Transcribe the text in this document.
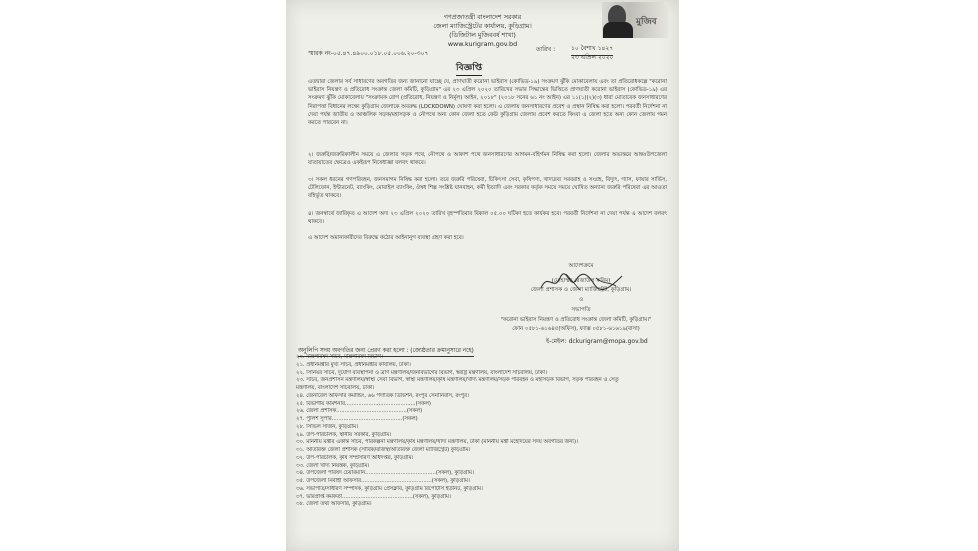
গণপ্রজাতন্ত্রী বাংলাদেশ সরকার
জেলা ম্যাজিস্ট্রেটের কার্যালয়, কুড়িগ্রাম।
(ডিজিটাল মুজিববর্ষ শাখা)
www.kurigram.gov.bd
মুজিব
স্মারক নং-০৫.৪৭.৪৯০০.০১৮.০৫.০০৬.২০-৩০৭
তারিখ :	১০ বৈশাখ ১৪২৭
২৩ এপ্রিল ২০২০
বিজ্ঞপ্তি
এতদ্বারা জেলার সর্ব সাধারণের অবগতির জন্য জানানো যাচ্ছে যে, প্রাণঘাতী করোনা ভাইরাস (কোভিড-১৯) সংক্রমণ ঝুঁকি মোকাবেলায় এবং তা প্রতিরোধকল্পে "করোনা ভাইরাস নিয়ন্ত্রণ ও প্রতিরোধ সংক্রান্ত জেলা কমিটি, কুড়িগ্রাম" এর ২৩ এপ্রিল ২০২০ তারিখের সভার সিদ্ধান্তের ভিত্তিতে প্রাণঘাতী করোনা ভাইরাস (কোভিড-১৯) এর সংক্রমণ ঝুঁকি মোকাবেলায় "সংক্রামক রোগ (প্রতিরোধ, নিয়ন্ত্রণ ও নির্মূল) আইন, ২০১৮" (২০১৮ সনের ৬১ নং আইন) এর ১১(১)(২)(৩) ধারা মোতাবেক জনসাধারণের নিরাপত্তা বিধানের লক্ষ্যে কুড়িগ্রাম জেলাকে অবরুদ্ধ (LOCKDOWN) ঘোষণা করা হলো। এ জেলায় জনসাধারণের প্রবেশ ও প্রস্থান নিষিদ্ধ করা হলো। পরবর্তী নির্দেশনা না দেয়া পর্যন্ত জাতীয় ও আঞ্চলিক সড়ক/মহাসড়ক ও নৌপথে অন্য কোন জেলা হতে কেউ কুড়িগ্রাম জেলায় প্রবেশ করতে কিংবা এ জেলা হতে অন্য কোন জেলায় গমন করতে পারবেন না।
২। জরুরি/জরুরিকালীন সময়ে এ জেলার সড়ক পথে, নৌপথে ও আকাশ পথে জনসাধারণের আগমন-বহির্গমন নিষিদ্ধ করা হলো। জেলার অভ্যন্তরে আন্তঃউপজেলা যাতায়াতের ক্ষেত্রেও একইরূপ নিষেধাজ্ঞা বলবৎ থাকবে।
৩। সকল ধরনের গণপরিবহন, জনসমাগম নিষিদ্ধ করা হলো। তবে জরুরি পরিষেবা, চিকিৎসা সেবা, কৃষিপণ্য, খাদ্যদ্রব্য সরবরাহ ও সংগ্রহ, বিদ্যুৎ, গ্যাস, ফায়ার সার্ভিস, টেলিফোন, ইন্টারনেট, ব্যাংকিং, মোবাইল ব্যাংকিং, ঔষধ শিল্প সংশ্লিষ্ট যানবাহন, কর্মী ইত্যাদি এবং সরকার কর্তৃক সময়ে সময়ে ঘোষিত অন্যান্য জরুরি পরিষেবা এর আওতা বহির্ভূত থাকবে।
৪। জনস্বার্থে জারিকৃত এ আদেশ অদ্য ২৩ এপ্রিল ২০২০ তারিখ বৃহস্পতিবার বিকাল ০৫.০০ ঘটিকা হতে কার্যকর হবে। পরবর্তী নির্দেশনা না দেয়া পর্যন্ত এ আদেশ বলবৎ থাকবে।
এ আদেশ অমান্যকারীদের বিরুদ্ধে কঠোর আইনানুগ ব্যবস্থা গ্রহণ করা হবে।
আদেশক্রমে
(মোহাম্মদ রেজাউল করিম)
জেলা প্রশাসক ও জেলা ম্যাজিস্ট্রেট, কুড়িগ্রাম।
ও
সভাপতি
"করোনা ভাইরাস নিয়ন্ত্রণ ও প্রতিরোধ সংক্রান্ত জেলা কমিটি, কুড়িগ্রাম।"
ফোন ০৫৮১-৬১৬৪৫(অফিস), ফ্যাক্স ০৫৮১-৬১৬১৯(বাসা)
ই-মেইল: dckurigram@mopa.gov.bd
অনুলিপি সদয় অবগতির জন্য প্রেরণ করা হলো : (জ্যেষ্ঠতার ক্রমানুসারে নহে)
২০. মন্ত্রিপরিষদ সচিব, মন্ত্রিপরিষদ বিভাগ।
২১. প্রধানমন্ত্রীর মুখ্য সচিব, প্রধানমন্ত্রীর কার্যালয়, ঢাকা।
২২. সিনিয়র সচিব, দুর্যোগ ব্যবস্থাপনা ও ত্রাণ মন্ত্রণালয়/জনবিভাগের বিভাগ, স্বরাষ্ট্র মন্ত্রণালয়, বাংলাদেশ সচিবালয়, ঢাকা।
২৩. সচিব, জনপ্রশাসন মন্ত্রণালয়/স্বাস্থ্য সেবা বিভাগ, স্বাস্থ্য মন্ত্রণালয়/কৃষি মন্ত্রণালয়/খাদ্য মন্ত্রণালয়/সড়ক পরিবহন ও মহাসড়ক বিভাগ, সড়ক পরিবহন ও সেতু
মন্ত্রণালয়, বাংলাদেশ সচিবালয়, ঢাকা।
২৪. জেনারেল অফিসার কমান্ডিং, ৬৬ পদাতিক ডিভিশন, রংপুর সেনানিবাস, রংপুর।
২৫. বিভাগীয় কমিশনার..........................................(সকল)
২৬. জেলা প্রশাসক..........................................(সকল)
২৭. পুলিশ সুপার..........................................(সকল)
২৮. সিভিল সার্জন, কুড়িগ্রাম।
২৯. উপ-পরিচালক, স্থানীয় সরকার, কুড়িগ্রাম।
৩০. মাননীয় মন্ত্রীর একান্ত সচিব, পরিকল্পনা মন্ত্রণালয়/কৃষি মন্ত্রণালয়/খাদ্য মন্ত্রণালয়, ঢাকা (মাননীয় মন্ত্রী মহোদয়ের সদয় অবগতির জন্য)।
৩১. অতিরিক্ত জেলা প্রশাসক (সার্বিক/রাজস্ব/অতিরিক্ত জেলা ম্যাজিস্ট্রেট) কুড়িগ্রাম।
৩২. উপ-পরিচালক, কৃষি সম্প্রসারণ অধিদপ্তর, কুড়িগ্রাম।
৩৩. জেলা খাদ্য নিয়ন্ত্রক, কুড়িগ্রাম।
৩৪. উপজেলা পরিষদ চেয়ারম্যান..........................................(সকল), কুড়িগ্রাম।
৩৫. উপজেলা নির্বাহী অফিসার..........................................(সকল), কুড়িগ্রাম।
৩৬. সভাপতি/সাধারণ সম্পাদক, কুড়িগ্রাম প্রেসক্লাব, কুড়িগ্রাম রিপোর্টার্স ইউনিট, কুড়িগ্রাম।
৩৭. ভারপ্রাপ্ত কর্মকর্তা..........................................(সকল), কুড়িগ্রাম।
৩৮. জেলা তথ্য অফিসার, কুড়িগ্রাম।
